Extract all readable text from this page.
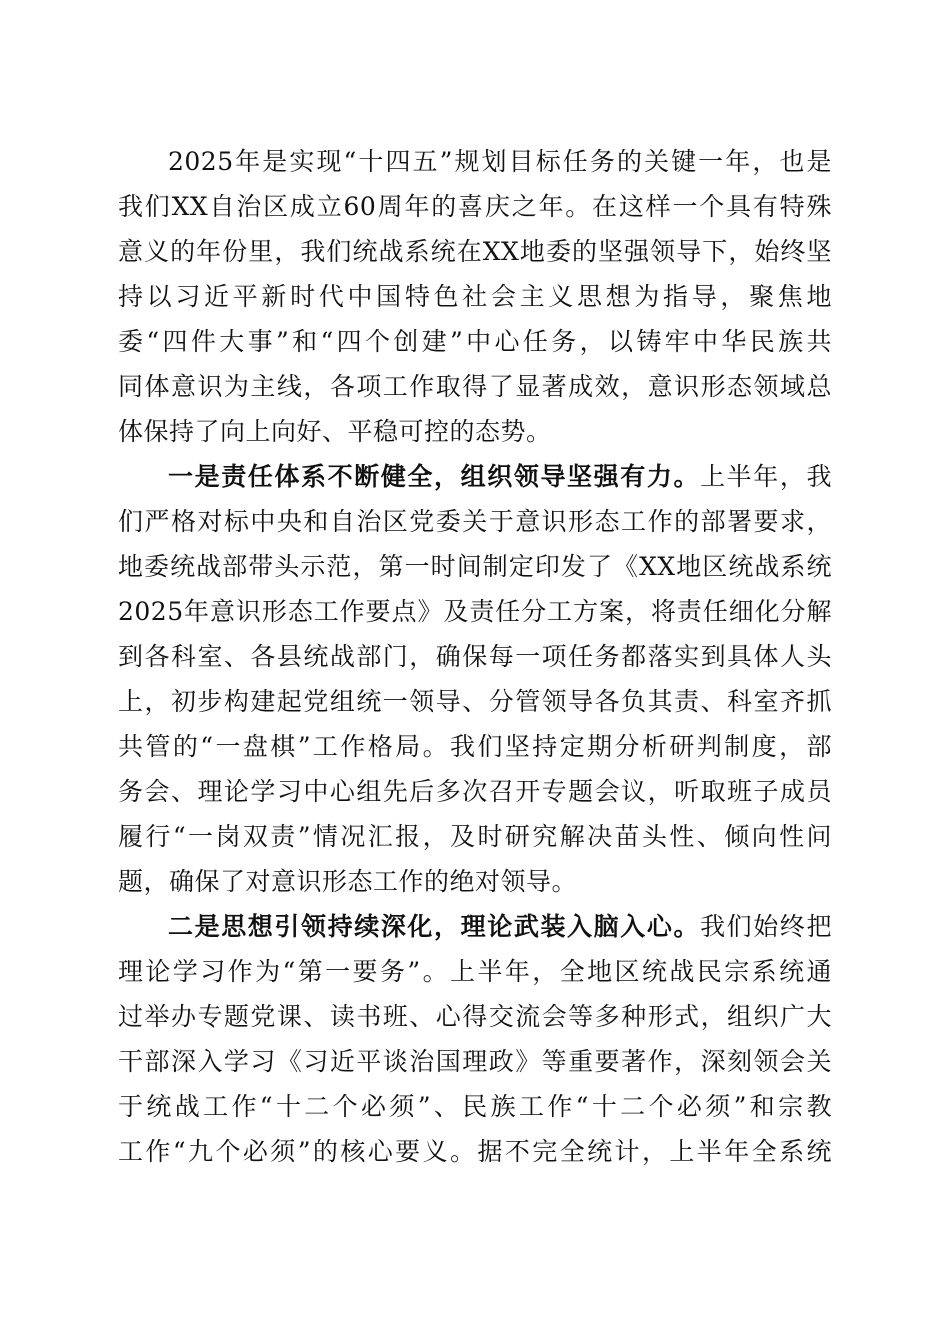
2025年是实现“十四五”规划目标任务的关键一年，也是
我们XX自治区成立60周年的喜庆之年。在这样一个具有特殊
意义的年份里，我们统战系统在XX地委的坚强领导下，始终坚
持以习近平新时代中国特色社会主义思想为指导，聚焦地
委“四件大事”和“四个创建”中心任务，以铸牢中华民族共
同体意识为主线，各项工作取得了显著成效，意识形态领域总
体保持了向上向好、平稳可控的态势。
一是责任体系不断健全，组织领导坚强有力。上半年，我
们严格对标中央和自治区党委关于意识形态工作的部署要求，
地委统战部带头示范，第一时间制定印发了《XX地区统战系统
2025年意识形态工作要点》及责任分工方案，将责任细化分解
到各科室、各县统战部门，确保每一项任务都落实到具体人头
上，初步构建起党组统一领导、分管领导各负其责、科室齐抓
共管的“一盘棋”工作格局。我们坚持定期分析研判制度，部
务会、理论学习中心组先后多次召开专题会议，听取班子成员
履行“一岗双责”情况汇报，及时研究解决苗头性、倾向性问
题，确保了对意识形态工作的绝对领导。
二是思想引领持续深化，理论武装入脑入心。我们始终把
理论学习作为“第一要务”。上半年，全地区统战民宗系统通
过举办专题党课、读书班、心得交流会等多种形式，组织广大
干部深入学习《习近平谈治国理政》等重要著作，深刻领会关
于统战工作“十二个必须”、民族工作“十二个必须”和宗教
工作“九个必须”的核心要义。据不完全统计，上半年全系统
